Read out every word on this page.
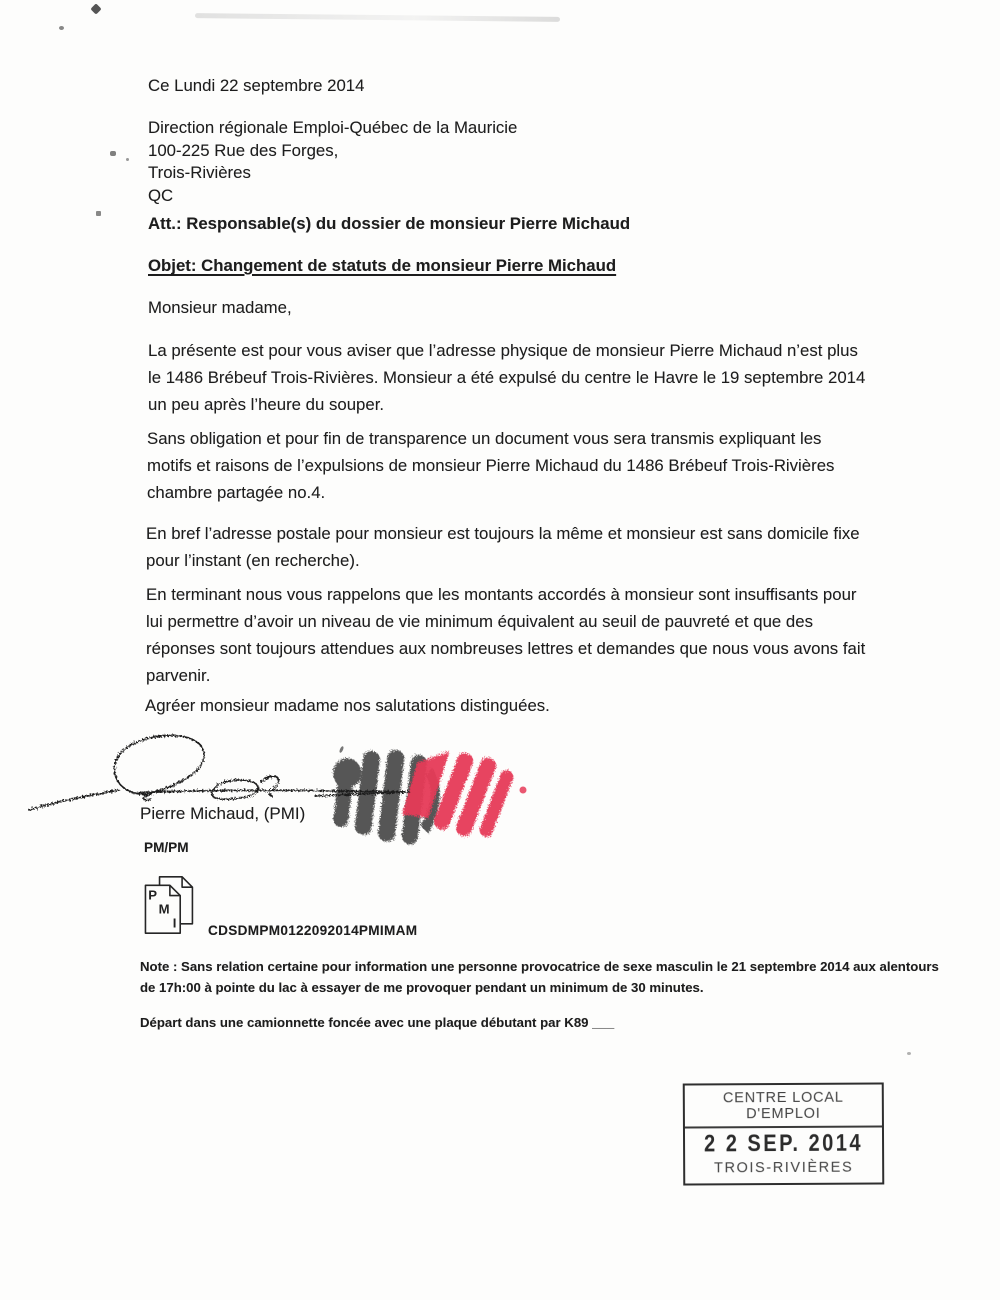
Ce Lundi 22 septembre 2014
Direction régionale Emploi-Québec de la Mauricie
100-225 Rue des Forges,
Trois-Rivières
QC
Att.: Responsable(s) du dossier de monsieur Pierre Michaud
Objet: Changement de statuts de monsieur Pierre Michaud
Monsieur madame,
La présente est pour vous aviser que l’adresse physique de monsieur Pierre Michaud n’est plus
le 1486 Brébeuf Trois-Rivières. Monsieur a été expulsé du centre le Havre le 19 septembre 2014
un peu après l’heure du souper.
Sans obligation et pour fin de transparence un document vous sera transmis expliquant les
motifs et raisons de l’expulsions de monsieur Pierre Michaud du 1486 Brébeuf Trois-Rivières
chambre partagée no.4.
En bref l’adresse postale pour monsieur est toujours la même et monsieur est sans domicile fixe
pour l’instant (en recherche).
En terminant nous vous rappelons que les montants accordés à monsieur sont insuffisants pour
lui permettre d’avoir un niveau de vie minimum équivalent au seuil de pauvreté et que des
réponses sont toujours attendues aux nombreuses lettres et demandes que nous vous avons fait
parvenir.
Agréer monsieur madame nos salutations distinguées.
Pierre Michaud, (PMI)
PM/PM
P
M
I CDSDMPM0122092014PMIMAM
Note : Sans relation certaine pour information une personne provocatrice de sexe masculin le 21 septembre 2014 aux alentours
de 17h:00 à pointe du lac à essayer de me provoquer pendant un minimum de 30 minutes.
Départ dans une camionnette foncée avec une plaque débutant par K89 ___
CENTRE LOCAL D'EMPLOI
2 2 SEP. 2014
TROIS-RIVIÈRES
